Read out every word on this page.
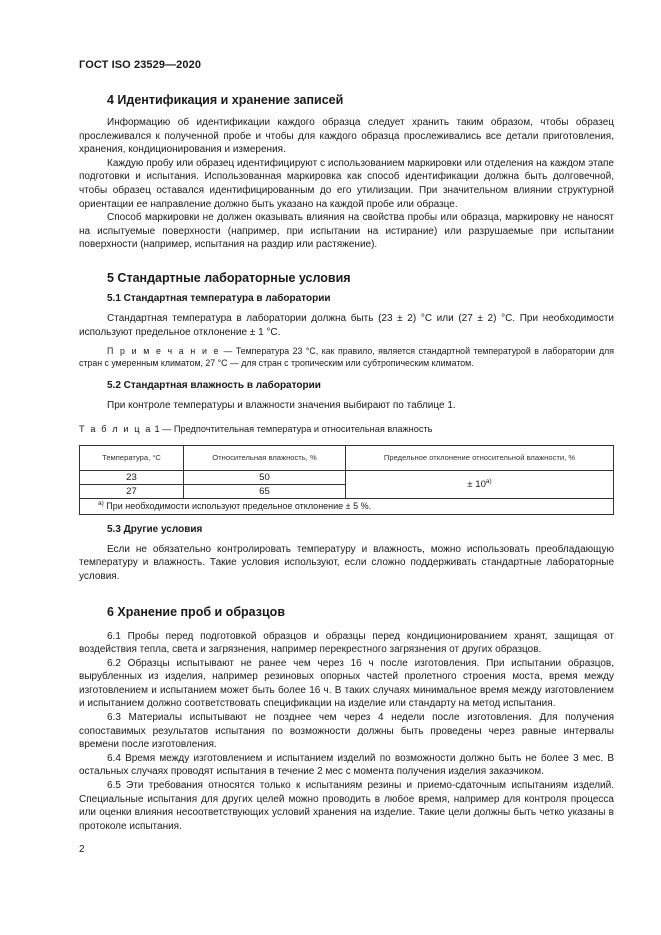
ГОСТ ISO 23529—2020
4 Идентификация и хранение записей

Информацию об идентификации каждого образца следует хранить таким образом, чтобы образец прослеживался к полученной пробе и чтобы для каждого образца прослеживались все детали приготовления, хранения, кондиционирования и измерения.

Каждую пробу или образец идентифицируют с использованием маркировки или отделения на каждом этапе подготовки и испытания. Использованная маркировка как способ идентификации должна быть долговечной, чтобы образец оставался идентифицированным до его утилизации. При значительном влиянии структурной ориентации ее направление должно быть указано на каждой пробе или образце.

Способ маркировки не должен оказывать влияния на свойства пробы или образца, маркировку не наносят на испытуемые поверхности (например, при испытании на истирание) или разрушаемые при испытании поверхности (например, испытания на раздир или растяжение).

5 Стандартные лабораторные условия
5.1 Стандартная температура в лаборатории

Стандартная температура в лаборатории должна быть (23 ± 2) °C или (27 ± 2) °C. При необходимости используют предельное отклонение ± 1 °C.

П р и м е ч а н и е — Температура 23 °C, как правило, является стандартной температурой в лаборатории для стран с умеренным климатом, 27 °C — для стран с тропическим или субтропическим климатом.

5.2 Стандартная влажность в лаборатории

При контроле температуры и влажности значения выбирают по таблице 1.

Т а б л и ц а 1 — Предпочтительная температура и относительная влажность
Температура, °C	Относительная влажность, %	Предельное отклонение относительной влажности, %
23	50	± $10^{а)}$
27	65	
$^{а)}$ При необходимости используют предельное отклонение ± 5 %.		
5.3 Другие условия

Если не обязательно контролировать температуру и влажность, можно использовать преобладающую температуру и влажность. Такие условия используют, если сложно поддерживать стандартные лабораторные условия.

6 Хранение проб и образцов

6.1 Пробы перед подготовкой образцов и образцы перед кондиционированием хранят, защищая от воздействия тепла, света и загрязнения, например перекрестного загрязнения от других образцов.

6.2 Образцы испытывают не ранее чем через 16 ч после изготовления. При испытании образцов, вырубленных из изделия, например резиновых опорных частей пролетного строения моста, время между изготовлением и испытанием может быть более 16 ч. В таких случаях минимальное время между изготовлением и испытанием должно соответствовать спецификации на изделие или стандарту на метод испытания.

6.3 Материалы испытывают не позднее чем через 4 недели после изготовления. Для получения сопоставимых результатов испытания по возможности должны быть проведены через равные интервалы времени после изготовления.

6.4 Время между изготовлением и испытанием изделий по возможности должно быть не более 3 мес. В остальных случаях проводят испытания в течение 2 мес с момента получения изделия заказчиком.

6.5 Эти требования относятся только к испытаниям резины и приемо-сдаточным испытаниям изделий. Специальные испытания для других целей можно проводить в любое время, например для контроля процесса или оценки влияния несоответствующих условий хранения на изделие. Такие цели должны быть четко указаны в протоколе испытания.

2
